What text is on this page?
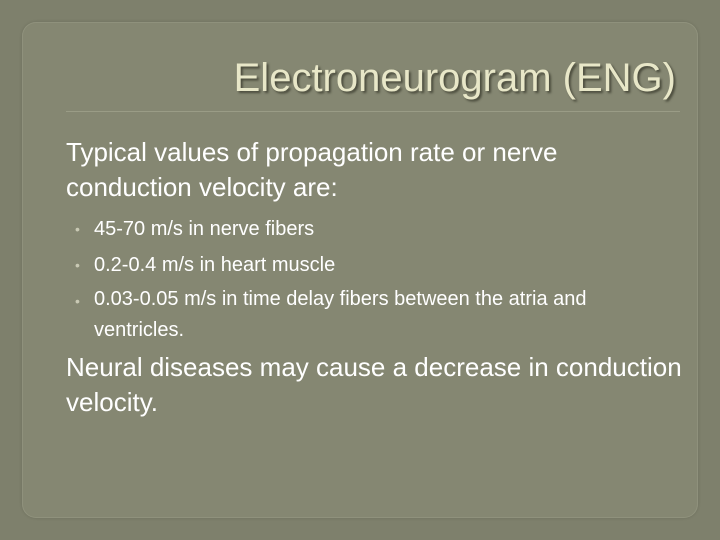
Electroneurogram (ENG)
Typical values of propagation rate or nerve conduction velocity are:
• 45-70 m/s in nerve fibers
• 0.2-0.4 m/s in heart muscle
• 0.03-0.05 m/s in time delay fibers between the atria and ventricles.
Neural diseases may cause a decrease in conduction velocity.
